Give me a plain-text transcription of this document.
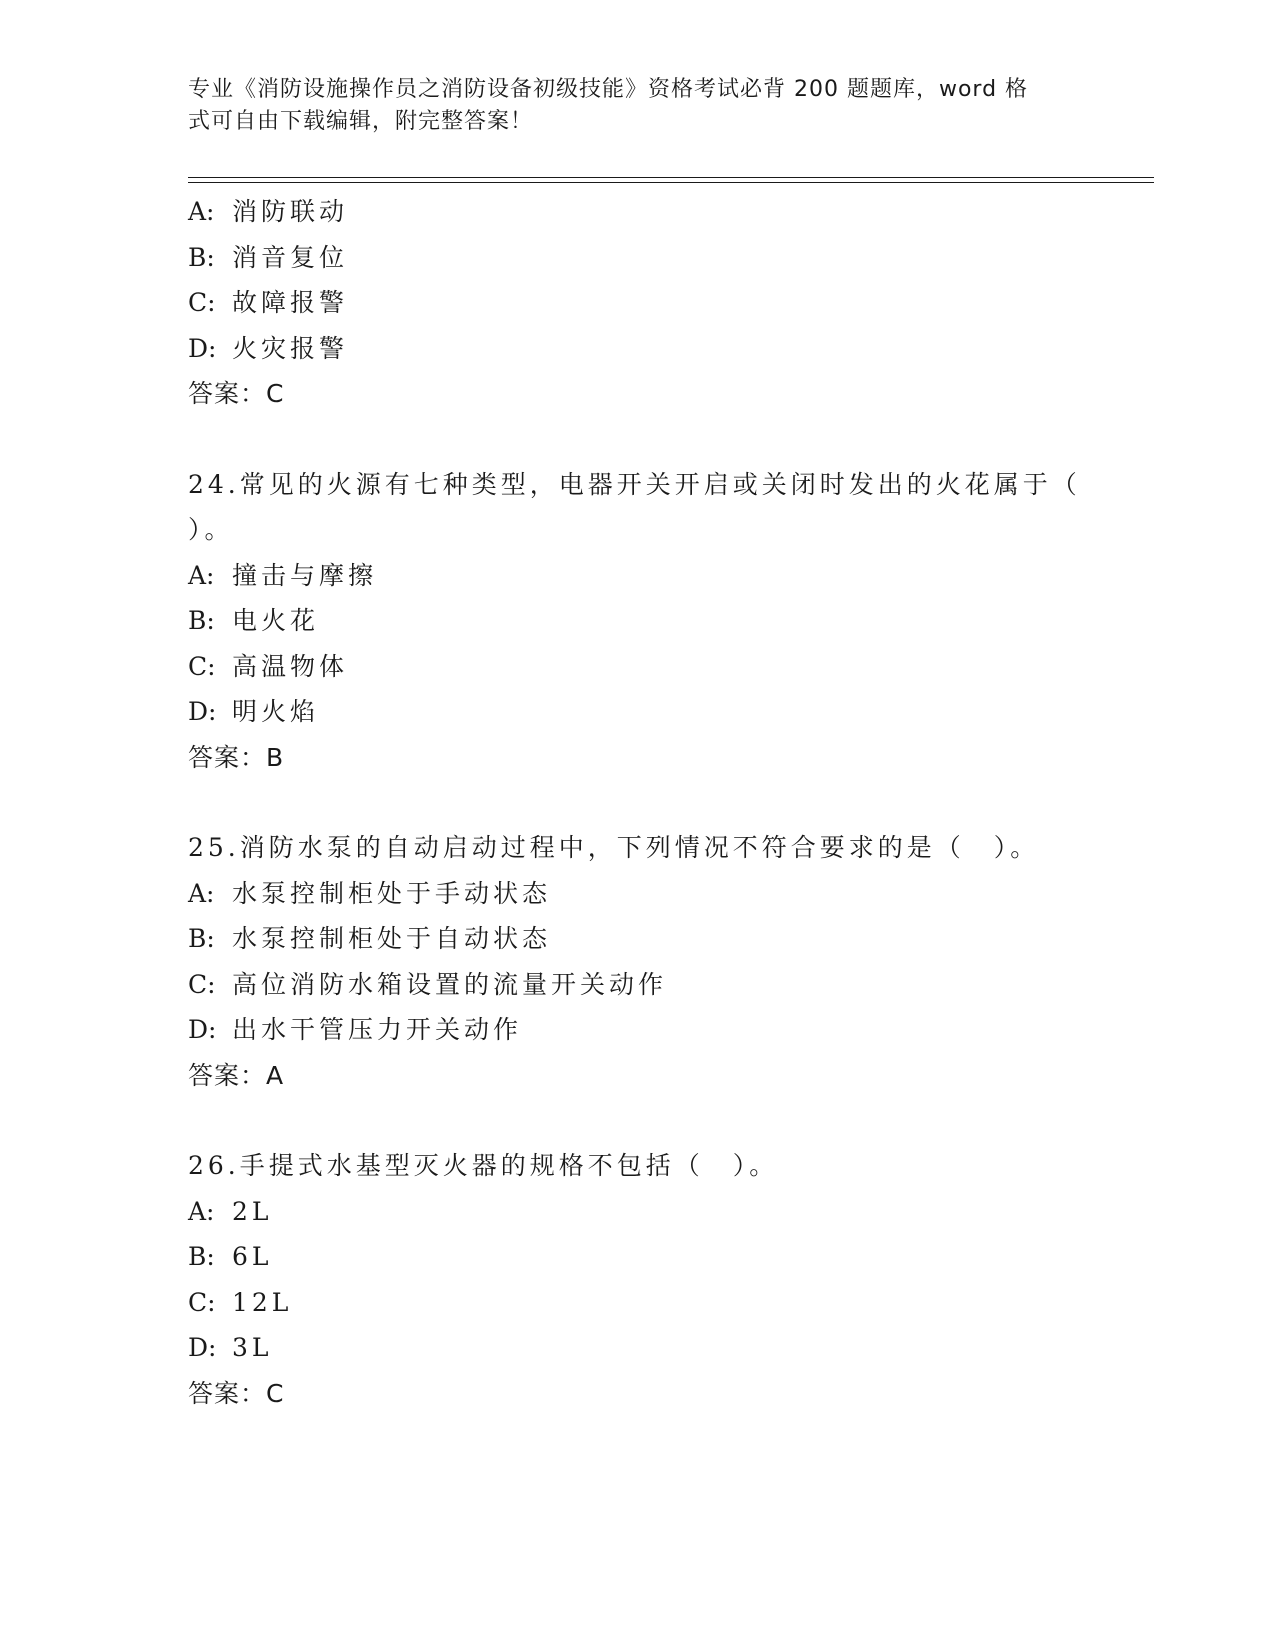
专业《消防设施操作员之消防设备初级技能》资格考试必背 200 题题库，word 格
式可自由下载编辑，附完整答案！
A: 消防联动
B: 消音复位
C: 故障报警
D: 火灾报警
答案：C
24.常见的火源有七种类型，电器开关开启或关闭时发出的火花属于（
）。
A: 撞击与摩擦
B: 电火花
C: 高温物体
D: 明火焰
答案：B
25.消防水泵的自动启动过程中，下列情况不符合要求的是（　）。
A: 水泵控制柜处于手动状态
B: 水泵控制柜处于自动状态
C: 高位消防水箱设置的流量开关动作
D: 出水干管压力开关动作
答案：A
26.手提式水基型灭火器的规格不包括（　）。
A: 2L
B: 6L
C: 12L
D: 3L
答案：C
